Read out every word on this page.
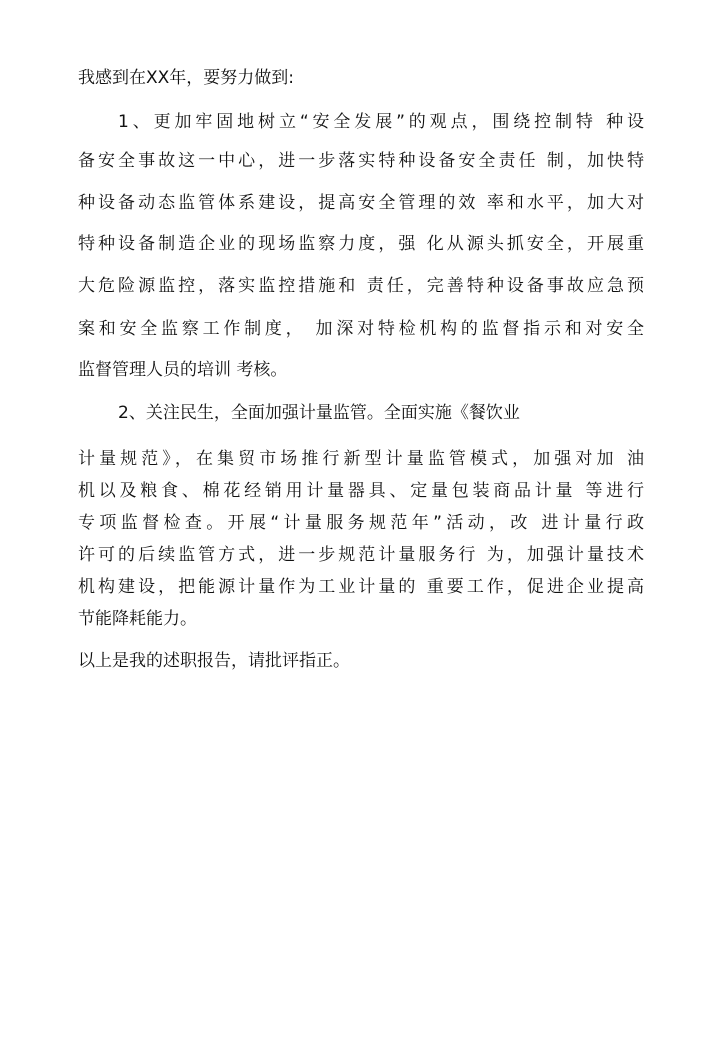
我感到在XX年，要努力做到:
1、更加牢固地树立“安全发展”的观点，围绕控制特 种设
备安全事故这一中心，进一步落实特种设备安全责任 制，加快特
种设备动态监管体系建设，提高安全管理的效 率和水平，加大对
特种设备制造企业的现场监察力度，强 化从源头抓安全，开展重
大危险源监控，落实监控措施和 责任，完善特种设备事故应急预
案和安全监察工作制度， 加深对特检机构的监督指示和对安全
监督管理人员的培训 考核。
2、关注民生，全面加强计量监管。全面实施《餐饮业
计量规范》，在集贸市场推行新型计量监管模式，加强对加 油
机以及粮食、棉花经销用计量器具、定量包装商品计量 等进行
专项监督检查。开展“计量服务规范年”活动，改 进计量行政
许可的后续监管方式，进一步规范计量服务行 为，加强计量技术
机构建设，把能源计量作为工业计量的 重要工作，促进企业提高
节能降耗能力。
以上是我的述职报告，请批评指正。
